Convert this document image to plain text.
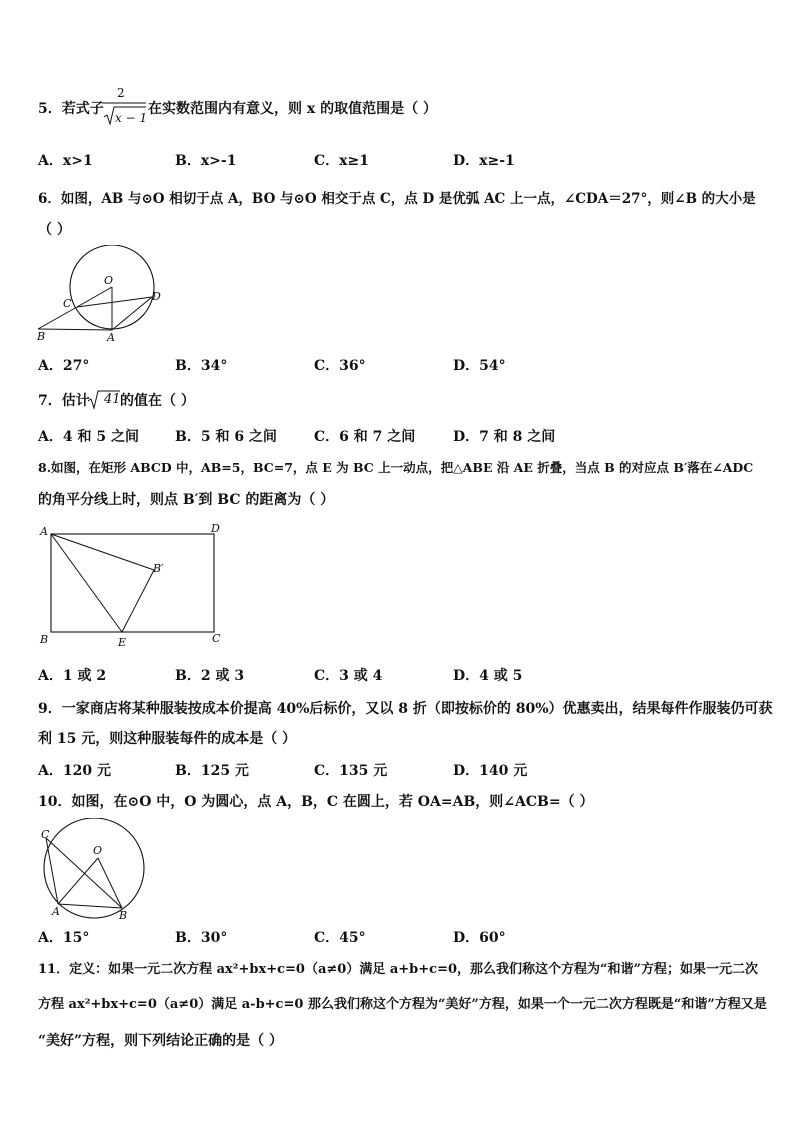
5．若式子
2
x − 1
在实数范围内有意义，则 x 的取值范围是（ ）
A．x>1	B．x>-1	C．x≥1	D．x≥-1
6．如图，AB 与⊙O 相切于点 A，BO 与⊙O 相交于点 C，点 D 是优弧 AC 上一点，∠CDA＝27°，则∠B 的大小是
（ ）
O
C
D
B	A
A．27°	B．34°	C．36°	D．54°
7．估计 41 的值在（ ）
A．4 和 5 之间	B．5 和 6 之间	C．6 和 7 之间	D．7 和 8 之间
8.如图，在矩形 ABCD 中，AB=5，BC=7，点 E 为 BC 上一动点，把△ABE 沿 AE 折叠，当点 B 的对应点 B′落在∠ADC
的角平分线上时，则点 B′到 BC 的距离为（ ）
A	D
B′
B	E	C
A．1 或 2	B．2 或 3	C．3 或 4	D．4 或 5
9．一家商店将某种服装按成本价提高 40%后标价，又以 8 折（即按标价的 80%）优惠卖出，结果每件作服装仍可获
利 15 元，则这种服装每件的成本是（ ）
A．120 元	B．125 元	C．135 元	D．140 元
10．如图，在⊙O 中，O 为圆心，点 A，B，C 在圆上，若 OA=AB，则∠ACB=（ ）
C
O
A	B
A．15°	B．30°	C．45°	D．60°
11．定义：如果一元二次方程 ax²+bx+c=0（a≠0）满足 a+b+c=0，那么我们称这个方程为“和谐”方程；如果一元二次
方程 ax²+bx+c=0（a≠0）满足 a-b+c=0 那么我们称这个方程为“美好”方程，如果一个一元二次方程既是“和谐”方程又是
“美好”方程，则下列结论正确的是（ ）
